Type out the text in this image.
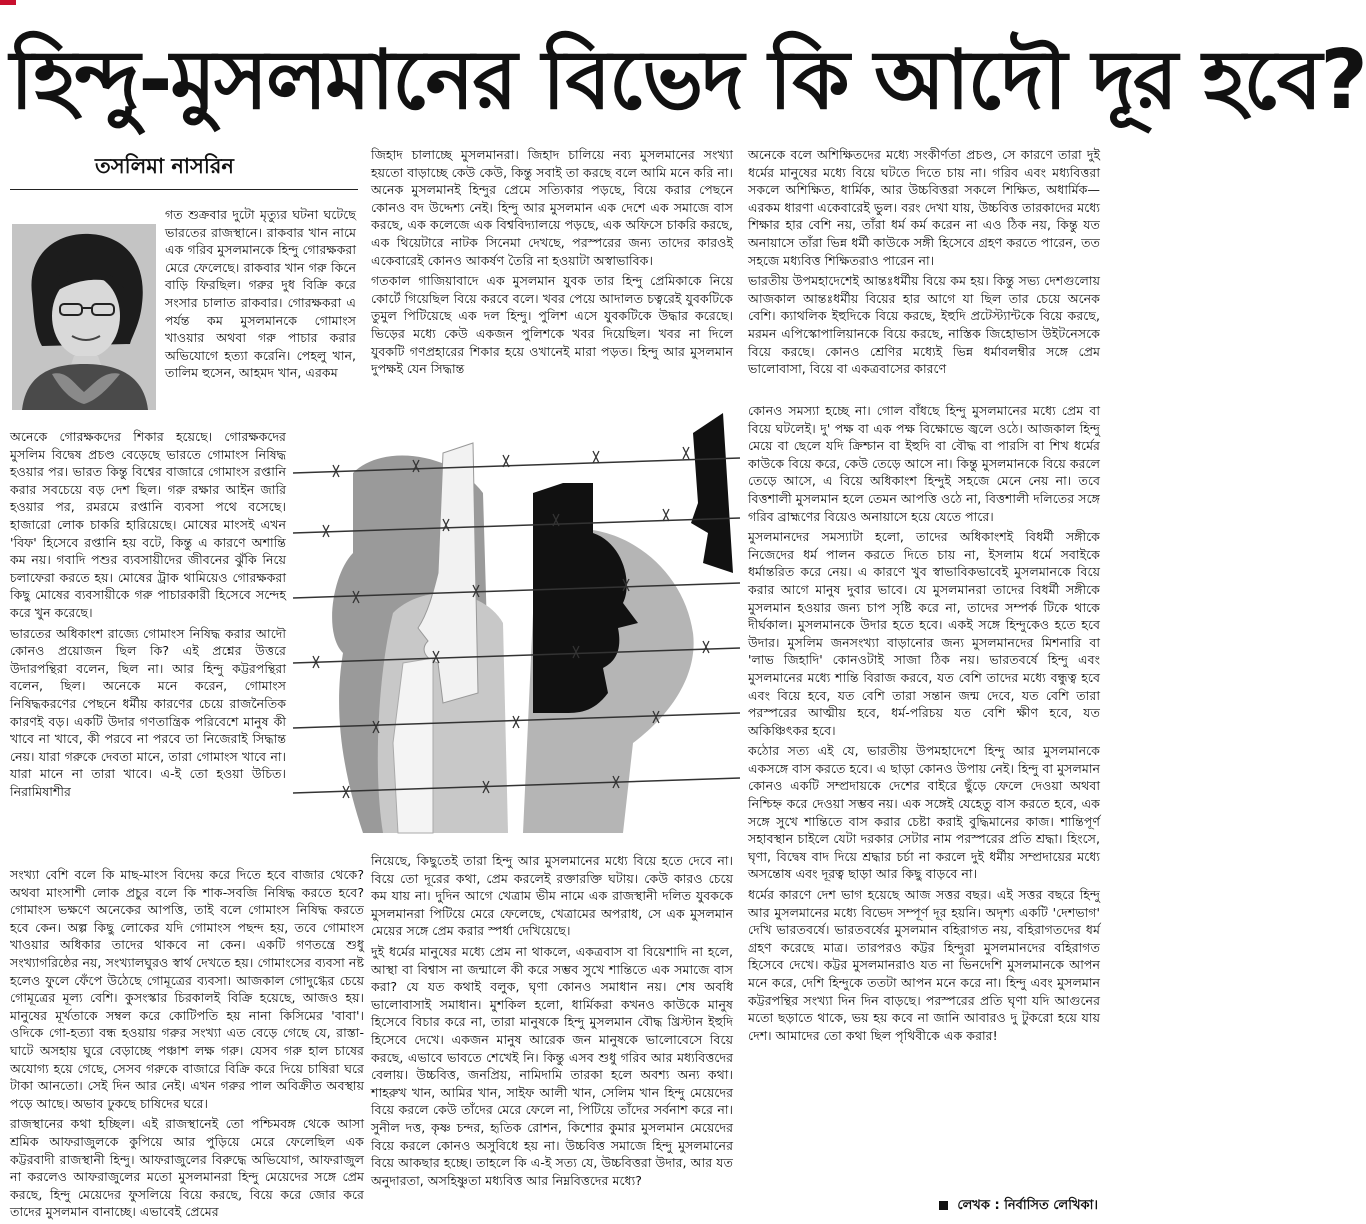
হিন্দু-মুসলমানের বিভেদ কি আদৌ দূর হবে?
তসলিমা নাসরিন

গত শুক্রবার দুটো মৃত্যুর ঘটনা ঘটেছে ভারতের রাজস্থানে। রাকবার খান নামে এক গরিব মুসলমানকে হিন্দু গোরক্ষকরা মেরে ফেলেছে। রাকবার খান গরু কিনে বাড়ি ফিরছিল। গরুর দুধ বিক্রি করে সংসার চালাত রাকবার। গোরক্ষকরা এ পর্যন্ত কম মুসলমানকে গোমাংস খাওয়ার অথবা গরু পাচার করার অভিযোগে হত্যা করেনি। পেহলু খান, তালিম হুসেন, আহমদ খান, এরকম

অনেকে গোরক্ষকদের শিকার হয়েছে। গোরক্ষকদের মুসলিম বিদ্বেষ প্রচণ্ড বেড়েছে ভারতে গোমাংস নিষিদ্ধ হওয়ার পর। ভারত কিন্তু বিশ্বের বাজারে গোমাংস রপ্তানি করার সবচেয়ে বড় দেশ ছিল। গরু রক্ষার আইন জারি হওয়ার পর, রমরমে রপ্তানি ব্যবসা পথে বসেছে। হাজারো লোক চাকরি হারিয়েছে। মোষের মাংসই এখন 'বিফ' হিসেবে রপ্তানি হয় বটে, কিন্তু এ কারণে অশান্তি কম নয়। গবাদি পশুর ব্যবসায়ীদের জীবনের ঝুঁকি নিয়ে চলাফেরা করতে হয়। মোষের ট্রাক থামিয়েও গোরক্ষকরা কিছু মোষের ব্যবসায়ীকে গরু পাচারকারী হিসেবে সন্দেহ করে খুন করেছে।

ভারতের অধিকাংশ রাজ্যে গোমাংস নিষিদ্ধ করার আদৌ কোনও প্রয়োজন ছিল কি? এই প্রশ্নের উত্তরে উদারপন্থিরা বলেন, ছিল না। আর হিন্দু কট্টরপন্থিরা বলেন, ছিল। অনেকে মনে করেন, গোমাংস নিষিদ্ধকরণের পেছনে ধর্মীয় কারণের চেয়ে রাজনৈতিক কারণই বড়। একটি উদার গণতান্ত্রিক পরিবেশে মানুষ কী খাবে না খাবে, কী পরবে না পরবে তা নিজেরাই সিদ্ধান্ত নেয়। যারা গরুকে দেবতা মানে, তারা গোমাংস খাবে না। যারা মানে না তারা খাবে। এ-ই তো হওয়া উচিত। নিরামিষাশীর

সংখ্যা বেশি বলে কি মাছ-মাংস বিদেয় করে দিতে হবে বাজার থেকে? অথবা মাংসাশী লোক প্রচুর বলে কি শাক-সবজি নিষিদ্ধ করতে হবে? গোমাংস ভক্ষণে অনেকের আপত্তি, তাই বলে গোমাংস নিষিদ্ধ করতে হবে কেন। অল্প কিছু লোকের যদি গোমাংস পছন্দ হয়, তবে গোমাংস খাওয়ার অধিকার তাদের থাকবে না কেন। একটি গণতন্ত্রে শুধু সংখ্যাগরিষ্ঠের নয়, সংখ্যালঘুরও স্বার্থ দেখতে হয়। গোমাংসের ব্যবসা নষ্ট হলেও ফুলে ফেঁপে উঠেছে গোমূত্রের ব্যবসা। আজকাল গোদুগ্ধের চেয়ে গোমূত্রের মূল্য বেশি। কুসংস্কার চিরকালই বিক্রি হয়েছে, আজও হয়। মানুষের মূর্খতাকে সম্বল করে কোটিপতি হয় নানা কিসিমের 'বাবা'। ওদিকে গো-হত্যা বন্ধ হওয়ায় গরুর সংখ্যা এত বেড়ে গেছে যে, রাস্তা-ঘাটে অসহায় ঘুরে বেড়াচ্ছে পঞ্চাশ লক্ষ গরু। যেসব গরু হাল চাষের অযোগ্য হয়ে গেছে, সেসব গরুকে বাজারে বিক্রি করে দিয়ে চাষিরা ঘরে টাকা আনতো। সেই দিন আর নেই। এখন গরুর পাল অবিক্রীত অবস্থায় পড়ে আছে। অভাব ঢুকছে চাষিদের ঘরে।

রাজস্থানের কথা হচ্ছিল। এই রাজস্থানেই তো পশ্চিমবঙ্গ থেকে আসা শ্রমিক আফরাজুলকে কুপিয়ে আর পুড়িয়ে মেরে ফেলেছিল এক কট্টরবাদী রাজস্থানী হিন্দু। আফরাজুলের বিরুদ্ধে অভিযোগ, আফরাজুল না করলেও আফরাজুলের মতো মুসলমানরা হিন্দু মেয়েদের সঙ্গে প্রেম করছে, হিন্দু মেয়েদের ফুসলিয়ে বিয়ে করছে, বিয়ে করে জোর করে তাদের মুসলমান বানাচ্ছে। এভাবেই প্রেমের

জিহাদ চালাচ্ছে মুসলমানরা। জিহাদ চালিয়ে নব্য মুসলমানের সংখ্যা হয়তো বাড়াচ্ছে কেউ কেউ, কিন্তু সবাই তা করছে বলে আমি মনে করি না। অনেক মুসলমানই হিন্দুর প্রেমে সত্যিকার পড়ছে, বিয়ে করার পেছনে কোনও বদ উদ্দেশ্য নেই। হিন্দু আর মুসলমান এক দেশে এক সমাজে বাস করছে, এক কলেজে এক বিশ্ববিদ্যালয়ে পড়ছে, এক অফিসে চাকরি করছে, এক থিয়েটারে নাটক সিনেমা দেখছে, পরস্পরের জন্য তাদের কারওই একেবারেই কোনও আকর্ষণ তৈরি না হওয়াটা অস্বাভাবিক।

গতকাল গাজিয়াবাদে এক মুসলমান যুবক তার হিন্দু প্রেমিকাকে নিয়ে কোর্টে গিয়েছিল বিয়ে করবে বলে। খবর পেয়ে আদালত চত্বরেই যুবকটিকে তুমুল পিটিয়েছে এক দল হিন্দু। পুলিশ এসে যুবকটিকে উদ্ধার করেছে। ভিড়ের মধ্যে কেউ একজন পুলিশকে খবর দিয়েছিল। খবর না দিলে যুবকটি গণপ্রহারের শিকার হয়ে ওখানেই মারা পড়ত। হিন্দু আর মুসলমান দুপক্ষই যেন সিদ্ধান্ত

নিয়েছে, কিছুতেই তারা হিন্দু আর মুসলমানের মধ্যে বিয়ে হতে দেবে না। বিয়ে তো দূরের কথা, প্রেম করলেই রক্তারক্তি ঘটায়। কেউ কারও চেয়ে কম যায় না। দুদিন আগে খেত্রাম ভীম নামে এক রাজস্থানী দলিত যুবককে মুসলমানরা পিটিয়ে মেরে ফেলেছে, খেত্রামের অপরাধ, সে এক মুসলমান মেয়ের সঙ্গে প্রেম করার স্পর্ধা দেখিয়েছে।

দুই ধর্মের মানুষের মধ্যে প্রেম না থাকলে, একত্রবাস বা বিয়েশাদি না হলে, আস্থা বা বিশ্বাস না জন্মালে কী করে সম্ভব সুখে শান্তিতে এক সমাজে বাস করা? যে যত কথাই বলুক, ঘৃণা কোনও সমাধান নয়। শেষ অবধি ভালোবাসাই সমাধান। মুশকিল হলো, ধার্মিকরা কখনও কাউকে মানুষ হিসেবে বিচার করে না, তারা মানুষকে হিন্দু মুসলমান বৌদ্ধ খ্রিস্টান ইহুদি হিসেবে দেখে। একজন মানুষ আরেক জন মানুষকে ভালোবেসে বিয়ে করছে, এভাবে ভাবতে শেখেই নি। কিন্তু এসব শুধু গরিব আর মধ্যবিত্তদের বেলায়। উচ্চবিত্ত, জনপ্রিয়, নামিদামি তারকা হলে অবশ্য অন্য কথা। শাহরুখ খান, আমির খান, সাইফ আলী খান, সেলিম খান হিন্দু মেয়েদের বিয়ে করলে কেউ তাঁদের মেরে ফেলে না, পিটিয়ে তাঁদের সর্বনাশ করে না। সুনীল দত্ত, কৃষ্ণ চন্দর, হৃতিক রোশন, কিশোর কুমার মুসলমান মেয়েদের বিয়ে করলে কোনও অসুবিধে হয় না। উচ্চবিত্ত সমাজে হিন্দু মুসলমানের বিয়ে আকছার হচ্ছে। তাহলে কি এ-ই সত্য যে, উচ্চবিত্তরা উদার, আর যত অনুদারতা, অসহিষ্ণুতা মধ্যবিত্ত আর নিম্নবিত্তদের মধ্যে?

অনেকে বলে অশিক্ষিতদের মধ্যে সংকীর্ণতা প্রচণ্ড, সে কারণে তারা দুই ধর্মের মানুষের মধ্যে বিয়ে ঘটতে দিতে চায় না। গরিব এবং মধ্যবিত্তরা সকলে অশিক্ষিত, ধার্মিক, আর উচ্চবিত্তরা সকলে শিক্ষিত, অধার্মিক—এরকম ধারণা একেবারেই ভুল। বরং দেখা যায়, উচ্চবিত্ত তারকাদের মধ্যে শিক্ষার হার বেশি নয়, তাঁরা ধর্ম কর্ম করেন না এও ঠিক নয়, কিন্তু যত অনায়াসে তাঁরা ভিন্ন ধর্মী কাউকে সঙ্গী হিসেবে গ্রহণ করতে পারেন, তত সহজে মধ্যবিত্ত শিক্ষিতরাও পারেন না।

ভারতীয় উপমহাদেশেই আন্তঃধর্মীয় বিয়ে কম হয়। কিন্তু সভ্য দেশগুলোয় আজকাল আন্তঃধর্মীয় বিয়ের হার আগে যা ছিল তার চেয়ে অনেক বেশি। ক্যাথলিক ইহুদিকে বিয়ে করছে, ইহুদি প্রটেস্ট্যান্টকে বিয়ে করছে, মরমন এপিস্কোপালিয়ানকে বিয়ে করছে, নাস্তিক জিহোভাস উইটনেসকে বিয়ে করছে। কোনও শ্রেণির মধ্যেই ভিন্ন ধর্মাবলম্বীর সঙ্গে প্রেম ভালোবাসা, বিয়ে বা একত্রবাসের কারণে

কোনও সমস্যা হচ্ছে না। গোল বাঁধছে হিন্দু মুসলমানের মধ্যে প্রেম বা বিয়ে ঘটলেই। দু' পক্ষ বা এক পক্ষ বিক্ষোভে জ্বলে ওঠে। আজকাল হিন্দু মেয়ে বা ছেলে যদি ক্রিশ্চান বা ইহুদি বা বৌদ্ধ বা পারসি বা শিখ ধর্মের কাউকে বিয়ে করে, কেউ তেড়ে আসে না। কিন্তু মুসলমানকে বিয়ে করলে তেড়ে আসে, এ বিয়ে অধিকাংশ হিন্দুই সহজে মেনে নেয় না। তবে বিত্তশালী মুসলমান হলে তেমন আপত্তি ওঠে না, বিত্তশালী দলিতের সঙ্গে গরিব ব্রাহ্মণের বিয়েও অনায়াসে হয়ে যেতে পারে।

মুসলমানদের সমস্যাটা হলো, তাদের অধিকাংশই বিধর্মী সঙ্গীকে নিজেদের ধর্ম পালন করতে দিতে চায় না, ইসলাম ধর্মে সবাইকে ধর্মান্তরিত করে নেয়। এ কারণে খুব স্বাভাবিকভাবেই মুসলমানকে বিয়ে করার আগে মানুষ দুবার ভাবে। যে মুসলমানরা তাদের বিধর্মী সঙ্গীকে মুসলমান হওয়ার জন্য চাপ সৃষ্টি করে না, তাদের সম্পর্ক টিকে থাকে দীর্ঘকাল। মুসলমানকে উদার হতে হবে। একই সঙ্গে হিন্দুকেও হতে হবে উদার। মুসলিম জনসংখ্যা বাড়ানোর জন্য মুসলমানদের মিশনারি বা 'লাভ জিহাদি' কোনওটাই সাজা ঠিক নয়। ভারতবর্ষে হিন্দু এবং মুসলমানের মধ্যে শান্তি বিরাজ করবে, যত বেশি তাদের মধ্যে বন্ধুত্ব হবে এবং বিয়ে হবে, যত বেশি তারা সন্তান জন্ম দেবে, যত বেশি তারা পরস্পরের আত্মীয় হবে, ধর্ম-পরিচয় যত বেশি ক্ষীণ হবে, যত অকিঞ্চিৎকর হবে।

কঠোর সত্য এই যে, ভারতীয় উপমহাদেশে হিন্দু আর মুসলমানকে একসঙ্গে বাস করতে হবে। এ ছাড়া কোনও উপায় নেই। হিন্দু বা মুসলমান কোনও একটি সম্প্রদায়কে দেশের বাইরে ছুঁড়ে ফেলে দেওয়া অথবা নিশ্চিহ্ন করে দেওয়া সম্ভব নয়। এক সঙ্গেই যেহেতু বাস করতে হবে, এক সঙ্গে সুখে শান্তিতে বাস করার চেষ্টা করাই বুদ্ধিমানের কাজ। শান্তিপূর্ণ সহাবস্থান চাইলে যেটা দরকার সেটার নাম পরস্পরের প্রতি শ্রদ্ধা। হিংসে, ঘৃণা, বিদ্বেষ বাদ দিয়ে শ্রদ্ধার চর্চা না করলে দুই ধর্মীয় সম্প্রদায়ের মধ্যে অসন্তোষ এবং দূরত্ব ছাড়া আর কিছু বাড়বে না।

ধর্মের কারণে দেশ ভাগ হয়েছে আজ সত্তর বছর। এই সত্তর বছরে হিন্দু আর মুসলমানের মধ্যে বিভেদ সম্পূর্ণ দূর হয়নি। অদৃশ্য একটি 'দেশভাগ' দেখি ভারতবর্ষে। ভারতবর্ষের মুসলমান বহিরাগত নয়, বহিরাগতদের ধর্ম গ্রহণ করেছে মাত্র। তারপরও কট্টর হিন্দুরা মুসলমানদের বহিরাগত হিসেবে দেখে। কট্টর মুসলমানরাও যত না ভিনদেশি মুসলমানকে আপন মনে করে, দেশি হিন্দুকে ততটা আপন মনে করে না। হিন্দু এবং মুসলমান কট্টরপন্থির সংখ্যা দিন দিন বাড়ছে। পরস্পরের প্রতি ঘৃণা যদি আগুনের মতো ছড়াতে থাকে, ভয় হয় কবে না জানি আবারও দু টুকরো হয়ে যায় দেশ। আমাদের তো কথা ছিল পৃথিবীকে এক করার!

লেখক : নির্বাসিত লেখিকা।
